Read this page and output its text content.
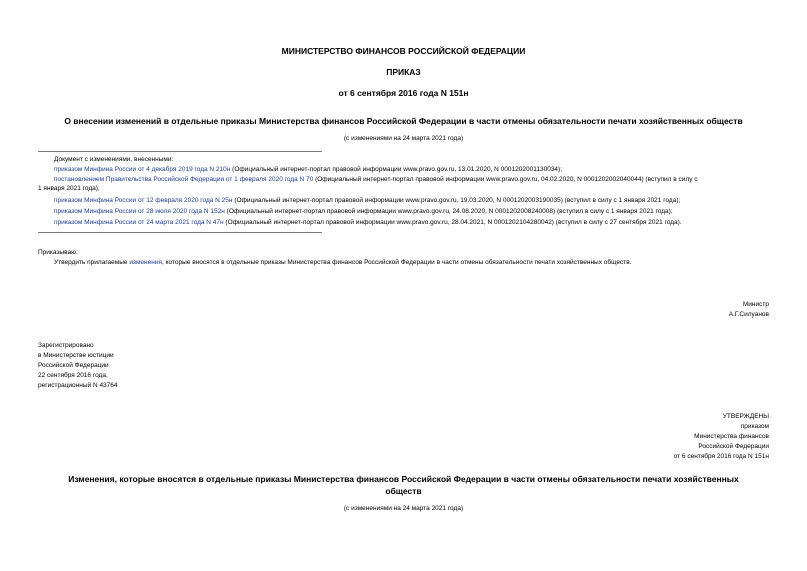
МИНИСТЕРСТВО ФИНАНСОВ РОССИЙСКОЙ ФЕДЕРАЦИИ
ПРИКАЗ
от 6 сентября 2016 года N 151н
О внесении изменений в отдельные приказы Министерства финансов Российской Федерации в части отмены обязательности печати хозяйственных обществ
(с изменениями на 24 марта 2021 года)
Документ с изменениями, внесенными:
приказом Минфина России от 4 декабря 2019 года N 210н (Официальный интернет-портал правовой информации www.pravo.gov.ru, 13.01.2020, N 0001202001130034);
постановлением Правительства Российской Федерации от 1 февраля 2020 года N 70 (Официальный интернет-портал правовой информации www.pravo.gov.ru, 04.02.2020, N 0001202002040044) (вступил в силу с
1 января 2021 года);
приказом Минфина России от 12 февраля 2020 года N 25н (Официальный интернет-портал правовой информации www.pravo.gov.ru, 19.03.2020, N 0001202003190035) (вступил в силу с 1 января 2021 года);
приказом Минфина России от 28 июля 2020 года N 152н (Официальный интернет-портал правовой информации www.pravo.gov.ru, 24.08.2020, N 0001202008240008) (вступил в силу с 1 января 2021 года);
приказом Минфина России от 24 марта 2021 года N 47н (Официальный интернет-портал правовой информации www.pravo.gov.ru, 28.04.2021, N 0001202104280042) (вступил в силу с 27 сентября 2021 года).
Приказываю:
Утвердить прилагаемые изменения, которые вносятся в отдельные приказы Министерства финансов Российской Федерации в части отмены обязательности печати хозяйственных обществ.
Министр
А.Г.Силуанов
Зарегистрировано
в Министерстве юстиции
Российской Федерации
22 сентября 2016 года,
регистрационный N 43764
УТВЕРЖДЕНЫ
приказом
Министерства финансов
Российской Федерации
от 6 сентября 2016 года N 151н
Изменения, которые вносятся в отдельные приказы Министерства финансов Российской Федерации в части отмены обязательности печати хозяйственных
обществ
(с изменениями на 24 марта 2021 года)
